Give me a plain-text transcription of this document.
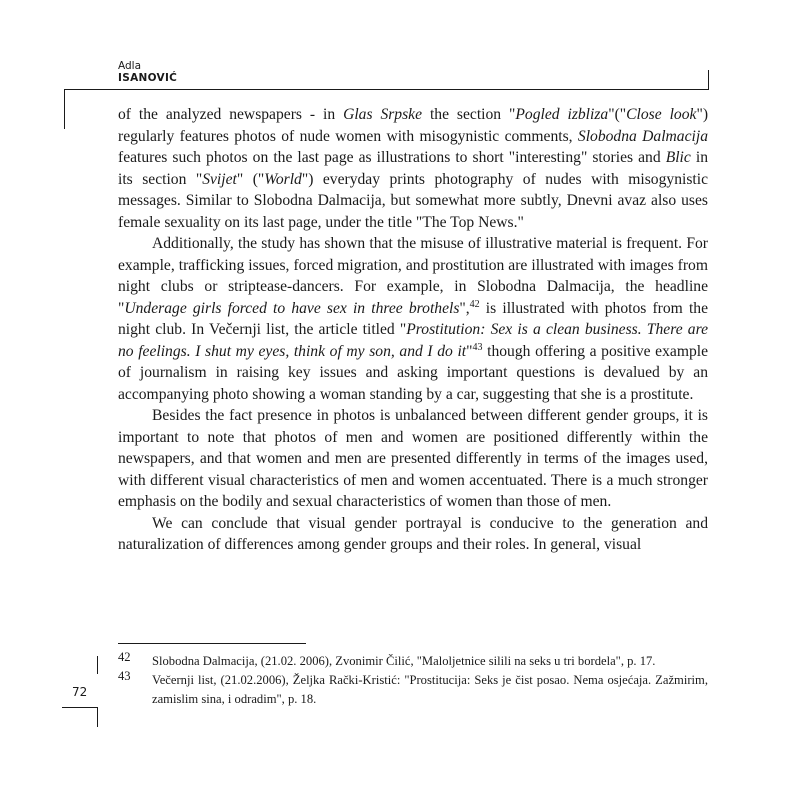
Adla
ISANOVIĆ

of the analyzed newspapers - in Glas Srpske the section "Pogled izbliza"("Close look") regularly features photos of nude women with misogynistic comments, Slobodna Dalmacija features such photos on the last page as illustrations to short "interesting" stories and Blic in its section "Svijet" ("World") everyday prints photography of nudes with misogynistic messages. Similar to Slobodna Dalmacija, but somewhat more subtly, Dnevni avaz also uses female sexuality on its last page, under the title "The Top News."

Additionally, the study has shown that the misuse of illustrative material is frequent. For example, trafficking issues, forced migration, and prostitution are illustrated with images from night clubs or striptease-dancers. For example, in Slobodna Dalmacija, the headline "Underage girls forced to have sex in three brothels",$^{42}$ is illustrated with photos from the night club. In Večernji list, the article titled "Prostitution: Sex is a clean business. There are no feelings. I shut my eyes, think of my son, and I do it"$^{43}$ though offering a positive example of journalism in raising key issues and asking important questions is devalued by an accompanying photo showing a woman standing by a car, suggesting that she is a prostitute.

Besides the fact presence in photos is unbalanced between different gender groups, it is important to note that photos of men and women are positioned differently within the newspapers, and that women and men are presented differently in terms of the images used, with different visual characteristics of men and women accentuated. There is a much stronger emphasis on the bodily and sexual characteristics of women than those of men.

We can conclude that visual gender portrayal is conducive to the generation and naturalization of differences among gender groups and their roles. In general, visual

42 Slobodna Dalmacija, (21.02. 2006), Zvonimir Čilić, "Maloljetnice silili na seks u tri bordela", p. 17.
43 Večernji list, (21.02.2006), Željka Rački-Kristić: "Prostitucija: Seks je čist posao. Nema osjećaja. Zažmirim, zamislim sina, i odradim", p. 18.
72
